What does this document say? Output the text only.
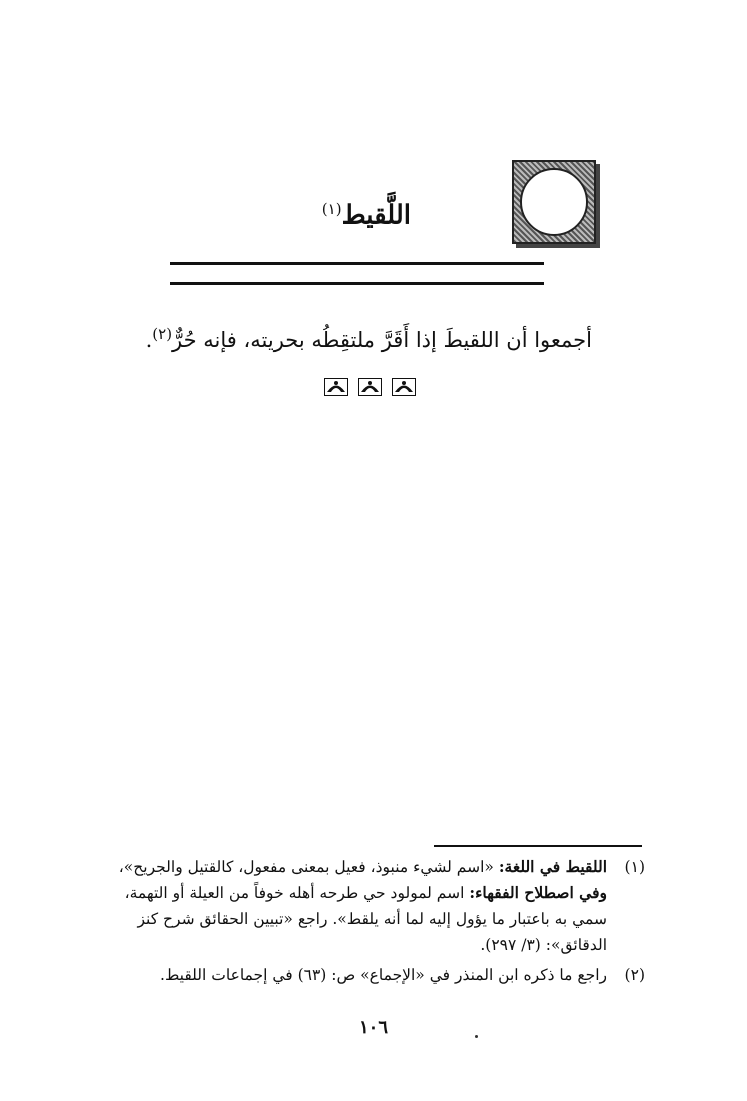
اللَّقيط$^{(١)}$
أجمعوا أن اللقيطَ إذا أَقَرَّ ملتقِطُه بحريته، فإنه حُرٌّ$^{(٢)}$.
(١)
اللقيط في اللغة: «اسم لشيء منبوذ، فعيل بمعنى مفعول، كالقتيل والجريح»، وفي اصطلاح الفقهاء: اسم لمولود حي طرحه أهله خوفاً من العيلة أو التهمة، سمي به باعتبار ما يؤول إليه لما أنه يلقط». راجع «تبيين الحقائق شرح كنز الدقائق»: (٣/ ٢٩٧).
(٢)
راجع ما ذكره ابن المنذر في «الإجماع» ص: (٦٣) في إجماعات اللقيط.
١٠٦
